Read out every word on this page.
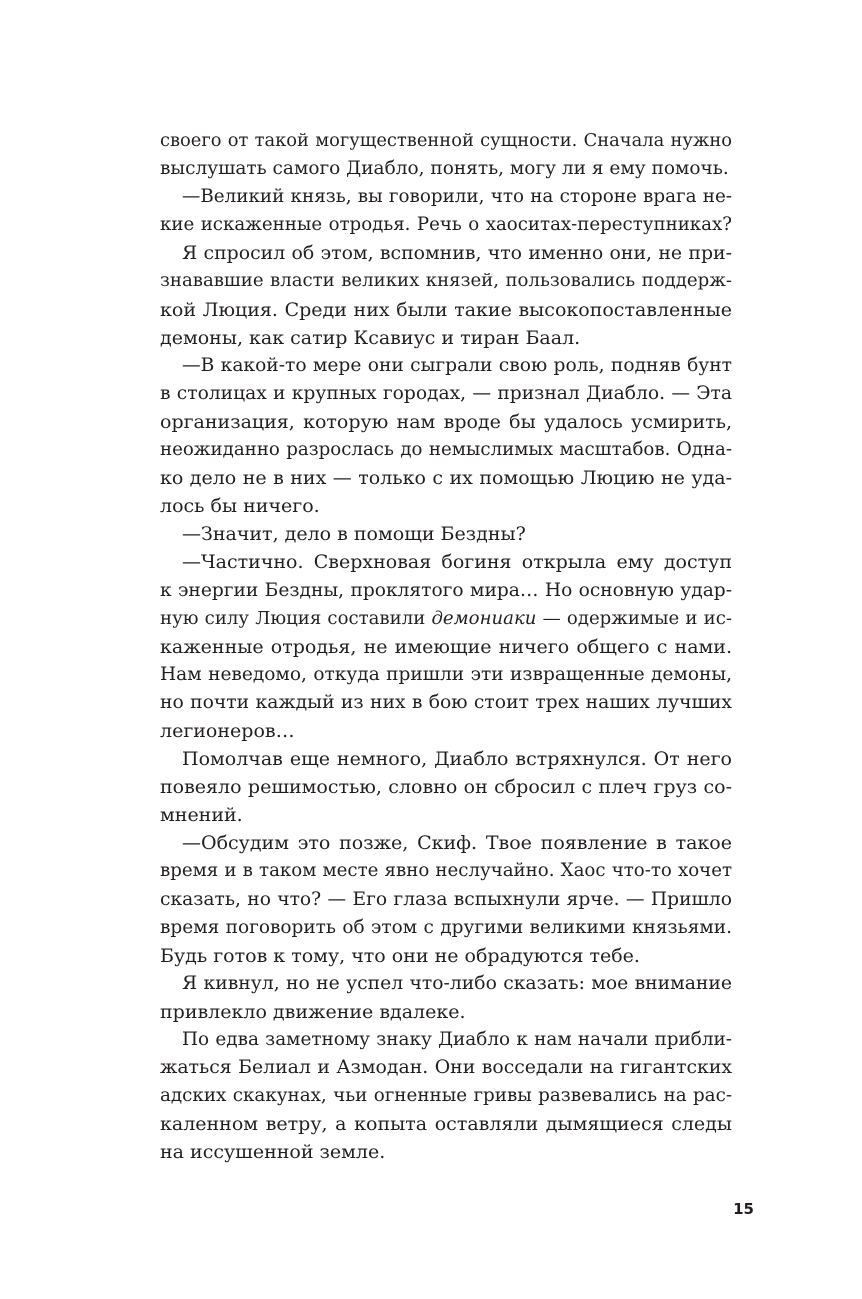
своего от такой могущественной сущности. Сначала нужно
выслушать самого Диабло, понять, могу ли я ему помочь.
—Великий князь, вы говорили, что на стороне врага не-
кие искаженные отродья. Речь о хаоситах-переступниках?
Я спросил об этом, вспомнив, что именно они, не при-
знававшие власти великих князей, пользовались поддерж-
кой Люция. Среди них были такие высокопоставленные
демоны, как сатир Ксавиус и тиран Баал.
—В какой-то мере они сыграли свою роль, подняв бунт
в столицах и крупных городах, — признал Диабло. — Эта
организация, которую нам вроде бы удалось усмирить,
неожиданно разрослась до немыслимых масштабов. Одна-
ко дело не в них — только с их помощью Люцию не уда-
лось бы ничего.
—Значит, дело в помощи Бездны?
—Частично. Сверхновая богиня открыла ему доступ
к энергии Бездны, проклятого мира… Но основную удар-
ную силу Люция составили демониаки — одержимые и ис-
каженные отродья, не имеющие ничего общего с нами.
Нам неведомо, откуда пришли эти извращенные демоны,
но почти каждый из них в бою стоит трех наших лучших
легионеров…
Помолчав еще немного, Диабло встряхнулся. От него
повеяло решимостью, словно он сбросил с плеч груз со-
мнений.
—Обсудим это позже, Скиф. Твое появление в такое
время и в таком месте явно неслучайно. Хаос что-то хочет
сказать, но что? — Его глаза вспыхнули ярче. — Пришло
время поговорить об этом с другими великими князьями.
Будь готов к тому, что они не обрадуются тебе.
Я кивнул, но не успел что-либо сказать: мое внимание
привлекло движение вдалеке.
По едва заметному знаку Диабло к нам начали прибли-
жаться Белиал и Азмодан. Они восседали на гигантских
адских скакунах, чьи огненные гривы развевались на рас-
каленном ветру, а копыта оставляли дымящиеся следы
на иссушенной земле.
15
